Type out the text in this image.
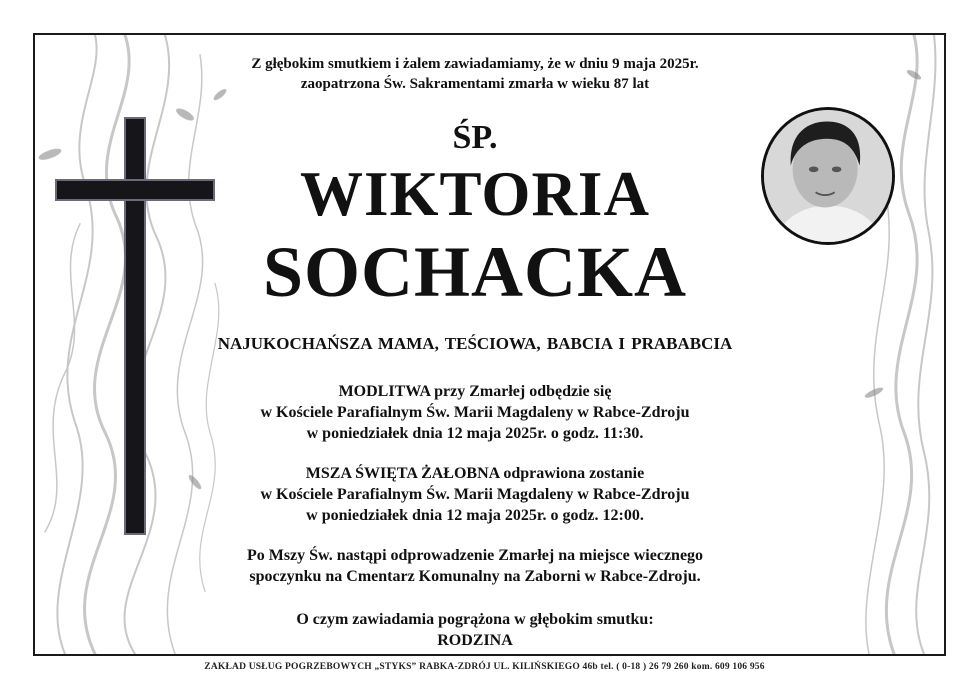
Z głębokim smutkiem i żalem zawiadamiamy, że w dniu 9 maja 2025r.
zaopatrzona Św. Sakramentami zmarła w wieku 87 lat
ŚP.
WIKTORIA
SOCHACKA
NAJUKOCHAŃSZA MAMA, TEŚCIOWA, BABCIA I PRABABCIA
MODLITWA przy Zmarłej odbędzie się
w Kościele Parafialnym Św. Marii Magdaleny w Rabce-Zdroju
w poniedziałek dnia 12 maja 2025r. o godz. 11:30.
MSZA ŚWIĘTA ŻAŁOBNA odprawiona zostanie
w Kościele Parafialnym Św. Marii Magdaleny w Rabce-Zdroju
w poniedziałek dnia 12 maja 2025r. o godz. 12:00.
Po Mszy Św. nastąpi odprowadzenie Zmarłej na miejsce wiecznego
spoczynku na Cmentarz Komunalny na Zaborni w Rabce-Zdroju.
O czym zawiadamia pogrążona w głębokim smutku:
RODZINA
ZAKŁAD USŁUG POGRZEBOWYCH „STYKS” RABKA-ZDRÓJ UL. KILIŃSKIEGO 46b tel. ( 0-18 ) 26 79 260 kom. 609 106 956
